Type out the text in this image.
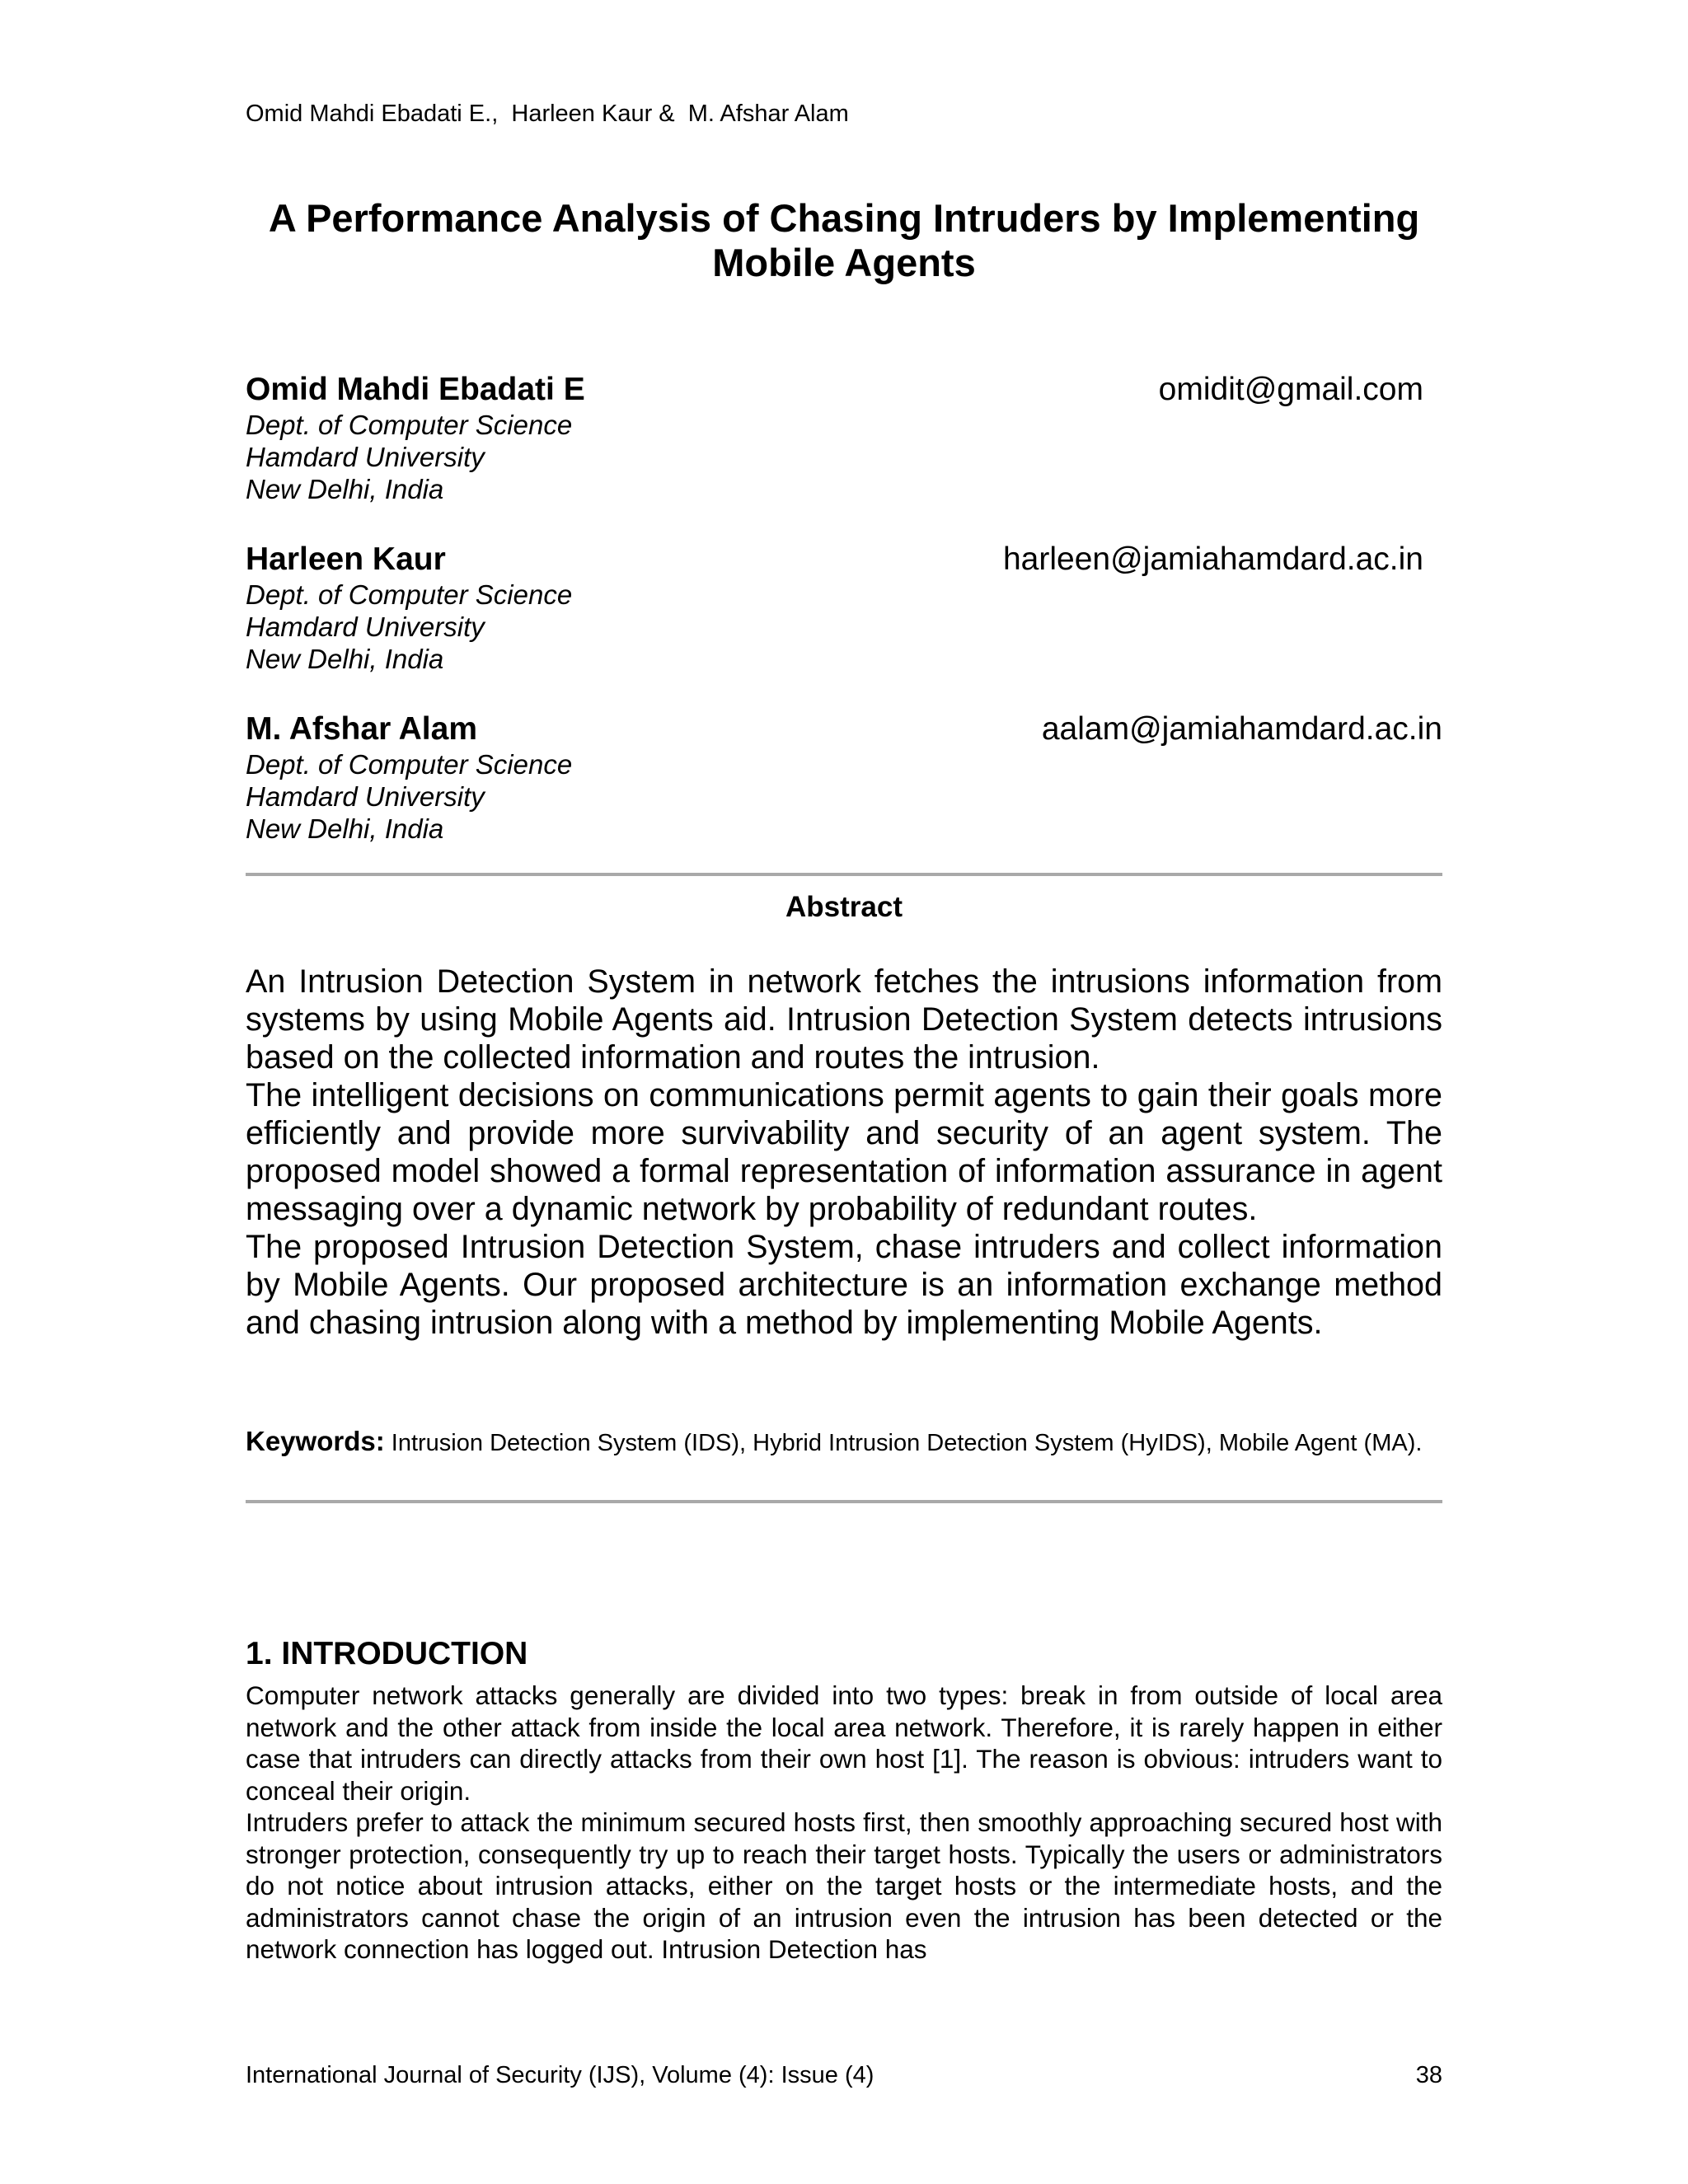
Omid Mahdi Ebadati E.,  Harleen Kaur &  M. Afshar Alam
A Performance Analysis of Chasing Intruders by Implementing
Mobile Agents
Omid Mahdi Ebadati E	omidit@gmail.com
Dept. of Computer Science
Hamdard University
New Delhi, India
Harleen Kaur	harleen@jamiahamdard.ac.in
Dept. of Computer Science
Hamdard University
New Delhi, India
M. Afshar Alam	aalam@jamiahamdard.ac.in
Dept. of Computer Science
Hamdard University
New Delhi, India
Abstract

An Intrusion Detection System in network fetches the intrusions information from systems by using Mobile Agents aid. Intrusion Detection System detects intrusions based on the collected information and routes the intrusion.

The intelligent decisions on communications permit agents to gain their goals more efficiently and provide more survivability and security of an agent system. The proposed model showed a formal representation of information assurance in agent messaging over a dynamic network by probability of redundant routes.

The proposed Intrusion Detection System, chase intruders and collect information by Mobile Agents. Our proposed architecture is an information exchange method and chasing intrusion along with a method by implementing Mobile Agents.

Keywords: Intrusion Detection System (IDS), Hybrid Intrusion Detection System (HyIDS), Mobile Agent (MA).
1. INTRODUCTION

Computer network attacks generally are divided into two types: break in from outside of local area network and the other attack from inside the local area network. Therefore, it is rarely happen in either case that intruders can directly attacks from their own host [1]. The reason is obvious: intruders want to conceal their origin.

Intruders prefer to attack the minimum secured hosts first, then smoothly approaching secured host with stronger protection, consequently try up to reach their target hosts. Typically the users or administrators do not notice about intrusion attacks, either on the target hosts or the intermediate hosts, and the administrators cannot chase the origin of an intrusion even the intrusion has been detected or the network connection has logged out. Intrusion Detection has

International Journal of Security (IJS), Volume (4): Issue (4)	38
